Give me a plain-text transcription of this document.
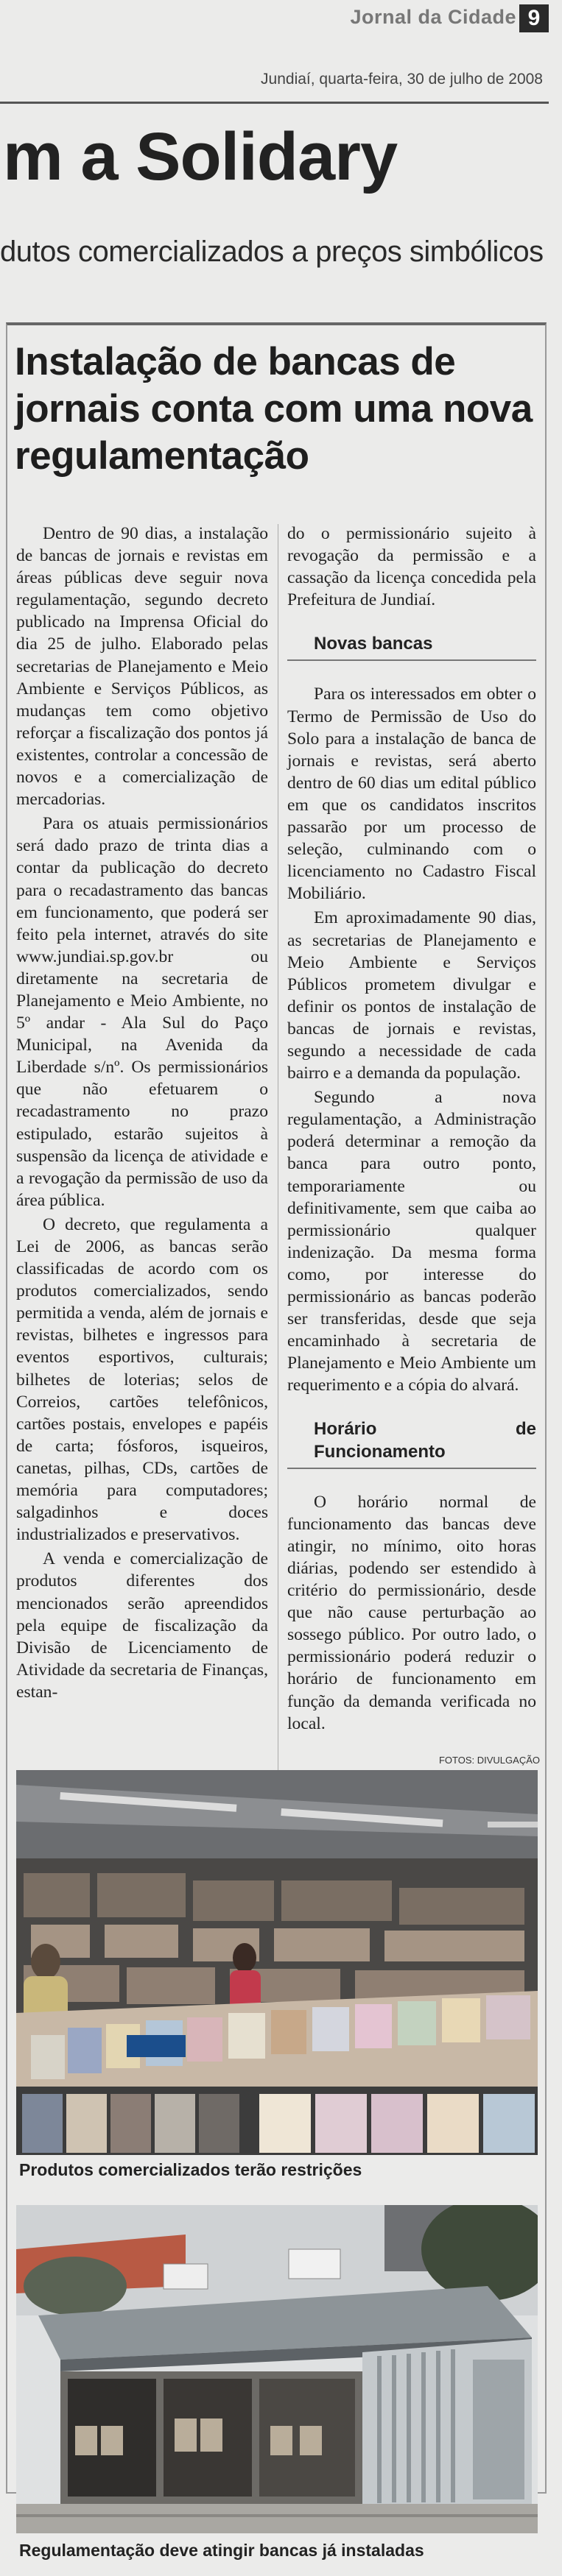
Jornal da Cidade 9
Jundiaí, quarta-feira, 30 de julho de 2008
m a Solidary
dutos comercializados a preços simbólicos
Instalação de bancas de jornais conta com uma nova regulamentação

Dentro de 90 dias, a instalação de bancas de jornais e revistas em áreas públicas deve seguir nova regulamentação, segundo decreto publicado na Imprensa Oficial do dia 25 de julho. Elaborado pelas secretarias de Planejamento e Meio Ambiente e Serviços Públicos, as mudanças tem como objetivo reforçar a fiscalização dos pontos já existentes, controlar a concessão de novos e a comercialização de mercadorias.

Para os atuais permissionários será dado prazo de trinta dias a contar da publicação do decreto para o recadastramento das bancas em funcionamento, que poderá ser feito pela internet, através do site www.jundiai.sp.gov.br ou diretamente na secretaria de Planejamento e Meio Ambiente, no 5º andar - Ala Sul do Paço Municipal, na Avenida da Liberdade s/nº. Os permissionários que não efetuarem o recadastramento no prazo estipulado, estarão sujeitos à suspensão da licença de atividade e a revogação da permissão de uso da área pública.

O decreto, que regulamenta a Lei de 2006, as bancas serão classificadas de acordo com os produtos comercializados, sendo permitida a venda, além de jornais e revistas, bilhetes e ingressos para eventos esportivos, culturais; bilhetes de loterias; selos de Correios, cartões telefônicos, cartões postais, envelopes e papéis de carta; fósforos, isqueiros, canetas, pilhas, CDs, cartões de memória para computadores; salgadinhos e doces industrializados e preservativos.

A venda e comercialização de produtos diferentes dos mencionados serão apreendidos pela equipe de fiscalização da Divisão de Licenciamento de Atividade da secretaria de Finanças, estan-

do o permissionário sujeito à revogação da permissão e a cassação da licença concedida pela Prefeitura de Jundiaí.

Novas bancas

Para os interessados em obter o Termo de Permissão de Uso do Solo para a instalação de banca de jornais e revistas, será aberto dentro de 60 dias um edital público em que os candidatos inscritos passarão por um processo de seleção, culminando com o licenciamento no Cadastro Fiscal Mobiliário.

Em aproximadamente 90 dias, as secretarias de Planejamento e Meio Ambiente e Serviços Públicos prometem divulgar e definir os pontos de instalação de bancas de jornais e revistas, segundo a necessidade de cada bairro e a demanda da população.

Segundo a nova regulamentação, a Administração poderá determinar a remoção da banca para outro ponto, temporariamente ou definitivamente, sem que caiba ao permissionário qualquer indenização. Da mesma forma como, por interesse do permissionário as bancas poderão ser transferidas, desde que seja encaminhado à secretaria de Planejamento e Meio Ambiente um requerimento e a cópia do alvará.

Horário de Funcionamento

O horário normal de funcionamento das bancas deve atingir, no mínimo, oito horas diárias, podendo ser estendido à critério do permissionário, desde que não cause perturbação ao sossego público. Por outro lado, o permissionário poderá reduzir o horário de funcionamento em função da demanda verificada no local.

FOTOS: DIVULGAÇÃO
Produtos comercializados terão restrições
Regulamentação deve atingir bancas já instaladas
